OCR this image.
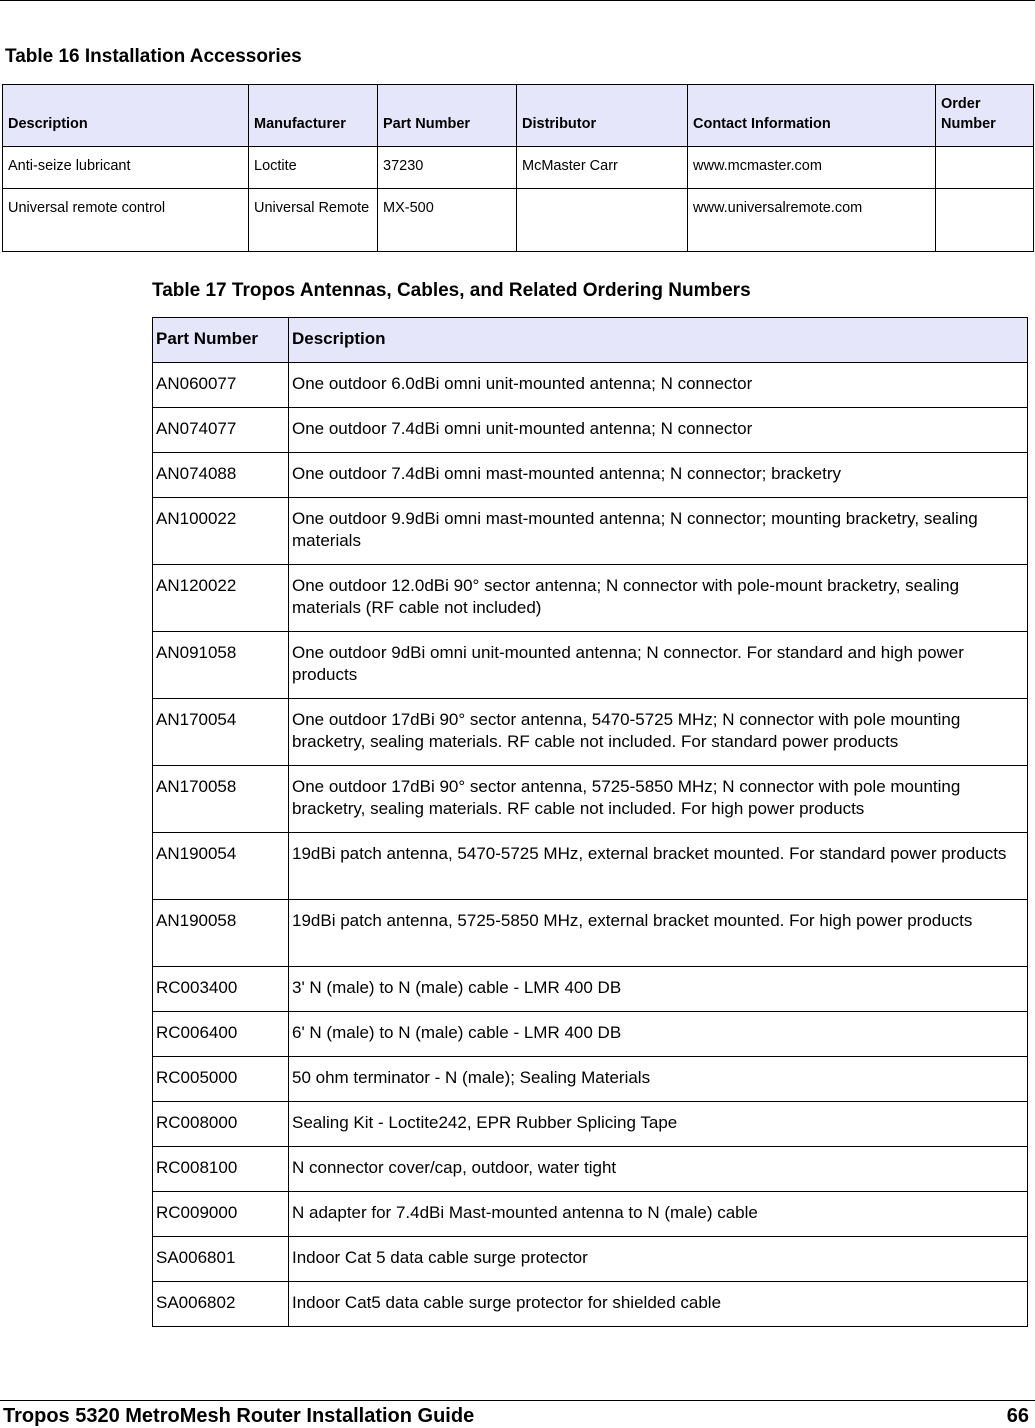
Table 16 Installation Accessories
Description	Manufacturer	Part Number	Distributor	Contact Information	Order Number
Anti-seize lubricant	Loctite	37230	McMaster Carr	www.mcmaster.com	
Universal remote control	Universal Remote	MX-500		www.universalremote.com	
Table 17 Tropos Antennas, Cables, and Related Ordering Numbers
Part Number	Description
AN060077	One outdoor 6.0dBi omni unit-mounted antenna; N connector
AN074077	One outdoor 7.4dBi omni unit-mounted antenna; N connector
AN074088	One outdoor 7.4dBi omni mast-mounted antenna; N connector; bracketry
AN100022	One outdoor 9.9dBi omni mast-mounted antenna; N connector; mounting bracketry, sealing materials
AN120022	One outdoor 12.0dBi 90° sector antenna; N connector with pole-mount bracketry, sealing materials (RF cable not included)
AN091058	One outdoor 9dBi omni unit-mounted antenna; N connector. For standard and high power products
AN170054	One outdoor 17dBi 90° sector antenna, 5470-5725 MHz; N connector with pole mounting bracketry, sealing materials. RF cable not included. For standard power products
AN170058	One outdoor 17dBi 90° sector antenna, 5725-5850 MHz; N connector with pole mounting bracketry, sealing materials. RF cable not included. For high power products
AN190054	19dBi patch antenna, 5470-5725 MHz, external bracket mounted. For standard power products
AN190058	19dBi patch antenna, 5725-5850 MHz, external bracket mounted. For high power products
RC003400	3' N (male) to N (male) cable - LMR 400 DB
RC006400	6' N (male) to N (male) cable - LMR 400 DB
RC005000	50 ohm terminator - N (male); Sealing Materials
RC008000	Sealing Kit - Loctite242, EPR Rubber Splicing Tape
RC008100	N connector cover/cap, outdoor, water tight
RC009000	N adapter for 7.4dBi Mast-mounted antenna to N (male) cable
SA006801	Indoor Cat 5 data cable surge protector
SA006802	Indoor Cat5 data cable surge protector for shielded cable
Tropos 5320 MetroMesh Router Installation Guide	66
